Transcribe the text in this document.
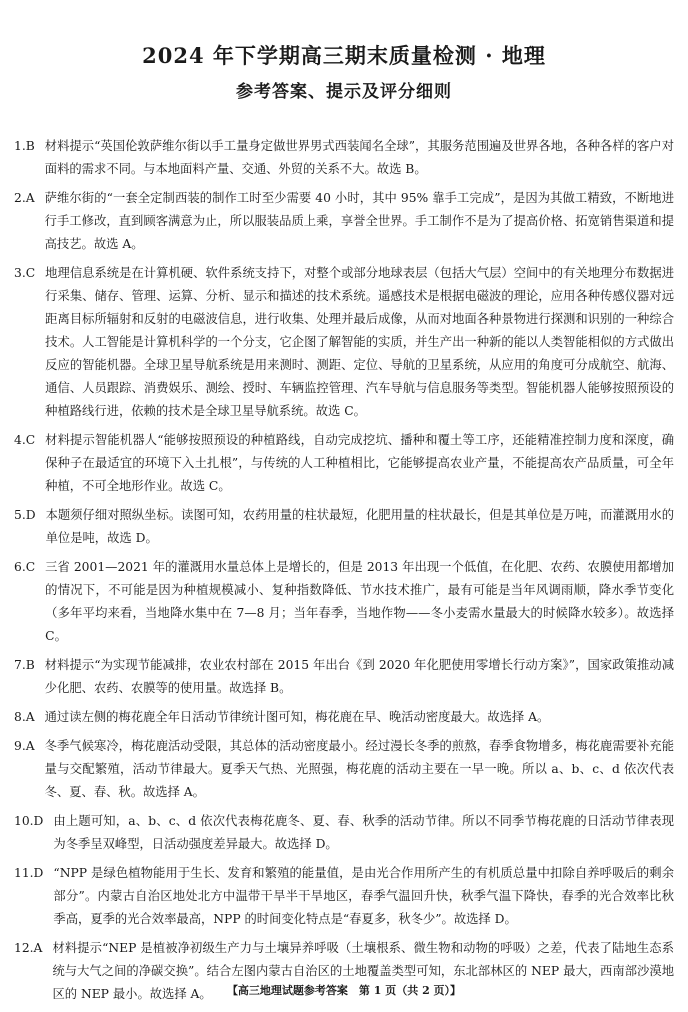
2024 年下学期高三期末质量检测 · 地理
参考答案、提示及评分细则
1.B 材料提示“英国伦敦萨维尔街以手工量身定做世界男式西装闻名全球”，其服务范围遍及世界各地，各种各样的客户对面料的需求不同。与本地面料产量、交通、外贸的关系不大。故选 B。
2.A 萨维尔街的“一套全定制西装的制作工时至少需要 40 小时，其中 95% 靠手工完成”，是因为其做工精致，不断地进行手工修改，直到顾客满意为止，所以服装品质上乘，享誉全世界。手工制作不是为了提高价格、拓宽销售渠道和提高技艺。故选 A。
3.C 地理信息系统是在计算机硬、软件系统支持下，对整个或部分地球表层（包括大气层）空间中的有关地理分布数据进行采集、储存、管理、运算、分析、显示和描述的技术系统。遥感技术是根据电磁波的理论，应用各种传感仪器对远距离目标所辐射和反射的电磁波信息，进行收集、处理并最后成像，从而对地面各种景物进行探测和识别的一种综合技术。人工智能是计算机科学的一个分支，它企图了解智能的实质，并生产出一种新的能以人类智能相似的方式做出反应的智能机器。全球卫星导航系统是用来测时、测距、定位、导航的卫星系统，从应用的角度可分成航空、航海、通信、人员跟踪、消费娱乐、测绘、授时、车辆监控管理、汽车导航与信息服务等类型。智能机器人能够按照预设的种植路线行进，依赖的技术是全球卫星导航系统。故选 C。
4.C 材料提示智能机器人“能够按照预设的种植路线，自动完成挖坑、播种和覆土等工序，还能精准控制力度和深度，确保种子在最适宜的环境下入土扎根”，与传统的人工种植相比，它能够提高农业产量，不能提高农产品质量，可全年种植，不可全地形作业。故选 C。
5.D 本题须仔细对照纵坐标。读图可知，农药用量的柱状最短，化肥用量的柱状最长，但是其单位是万吨，而灌溉用水的单位是吨，故选 D。
6.C 三省 2001—2021 年的灌溉用水量总体上是增长的，但是 2013 年出现一个低值，在化肥、农药、农膜使用都增加的情况下，不可能是因为种植规模减小、复种指数降低、节水技术推广，最有可能是当年风调雨顺，降水季节变化（多年平均来看，当地降水集中在 7—8 月；当年春季，当地作物——冬小麦需水量最大的时候降水较多）。故选择 C。
7.B 材料提示“为实现节能减排，农业农村部在 2015 年出台《到 2020 年化肥使用零增长行动方案》”，国家政策推动减少化肥、农药、农膜等的使用量。故选择 B。
8.A 通过读左侧的梅花鹿全年日活动节律统计图可知，梅花鹿在早、晚活动密度最大。故选择 A。
9.A 冬季气候寒冷，梅花鹿活动受限，其总体的活动密度最小。经过漫长冬季的煎熬，春季食物增多，梅花鹿需要补充能量与交配繁殖，活动节律最大。夏季天气热、光照强，梅花鹿的活动主要在一早一晚。所以 a、b、c、d 依次代表冬、夏、春、秋。故选择 A。
10.D 由上题可知，a、b、c、d 依次代表梅花鹿冬、夏、春、秋季的活动节律。所以不同季节梅花鹿的日活动节律表现为冬季呈双峰型，日活动强度差异最大。故选择 D。
11.D “NPP 是绿色植物能用于生长、发育和繁殖的能量值，是由光合作用所产生的有机质总量中扣除自养呼吸后的剩余部分”。内蒙古自治区地处北方中温带干旱半干旱地区，春季气温回升快，秋季气温下降快，春季的光合效率比秋季高，夏季的光合效率最高，NPP 的时间变化特点是“春夏多，秋冬少”。故选择 D。
12.A 材料提示“NEP 是植被净初级生产力与土壤异养呼吸（土壤根系、微生物和动物的呼吸）之差，代表了陆地生态系统与大气之间的净碳交换”。结合左图内蒙古自治区的土地覆盖类型可知，东北部林区的 NEP 最大，西南部沙漠地区的 NEP 最小。故选择 A。	【高三地理试题参考答案　第 1 页（共 2 页）】
